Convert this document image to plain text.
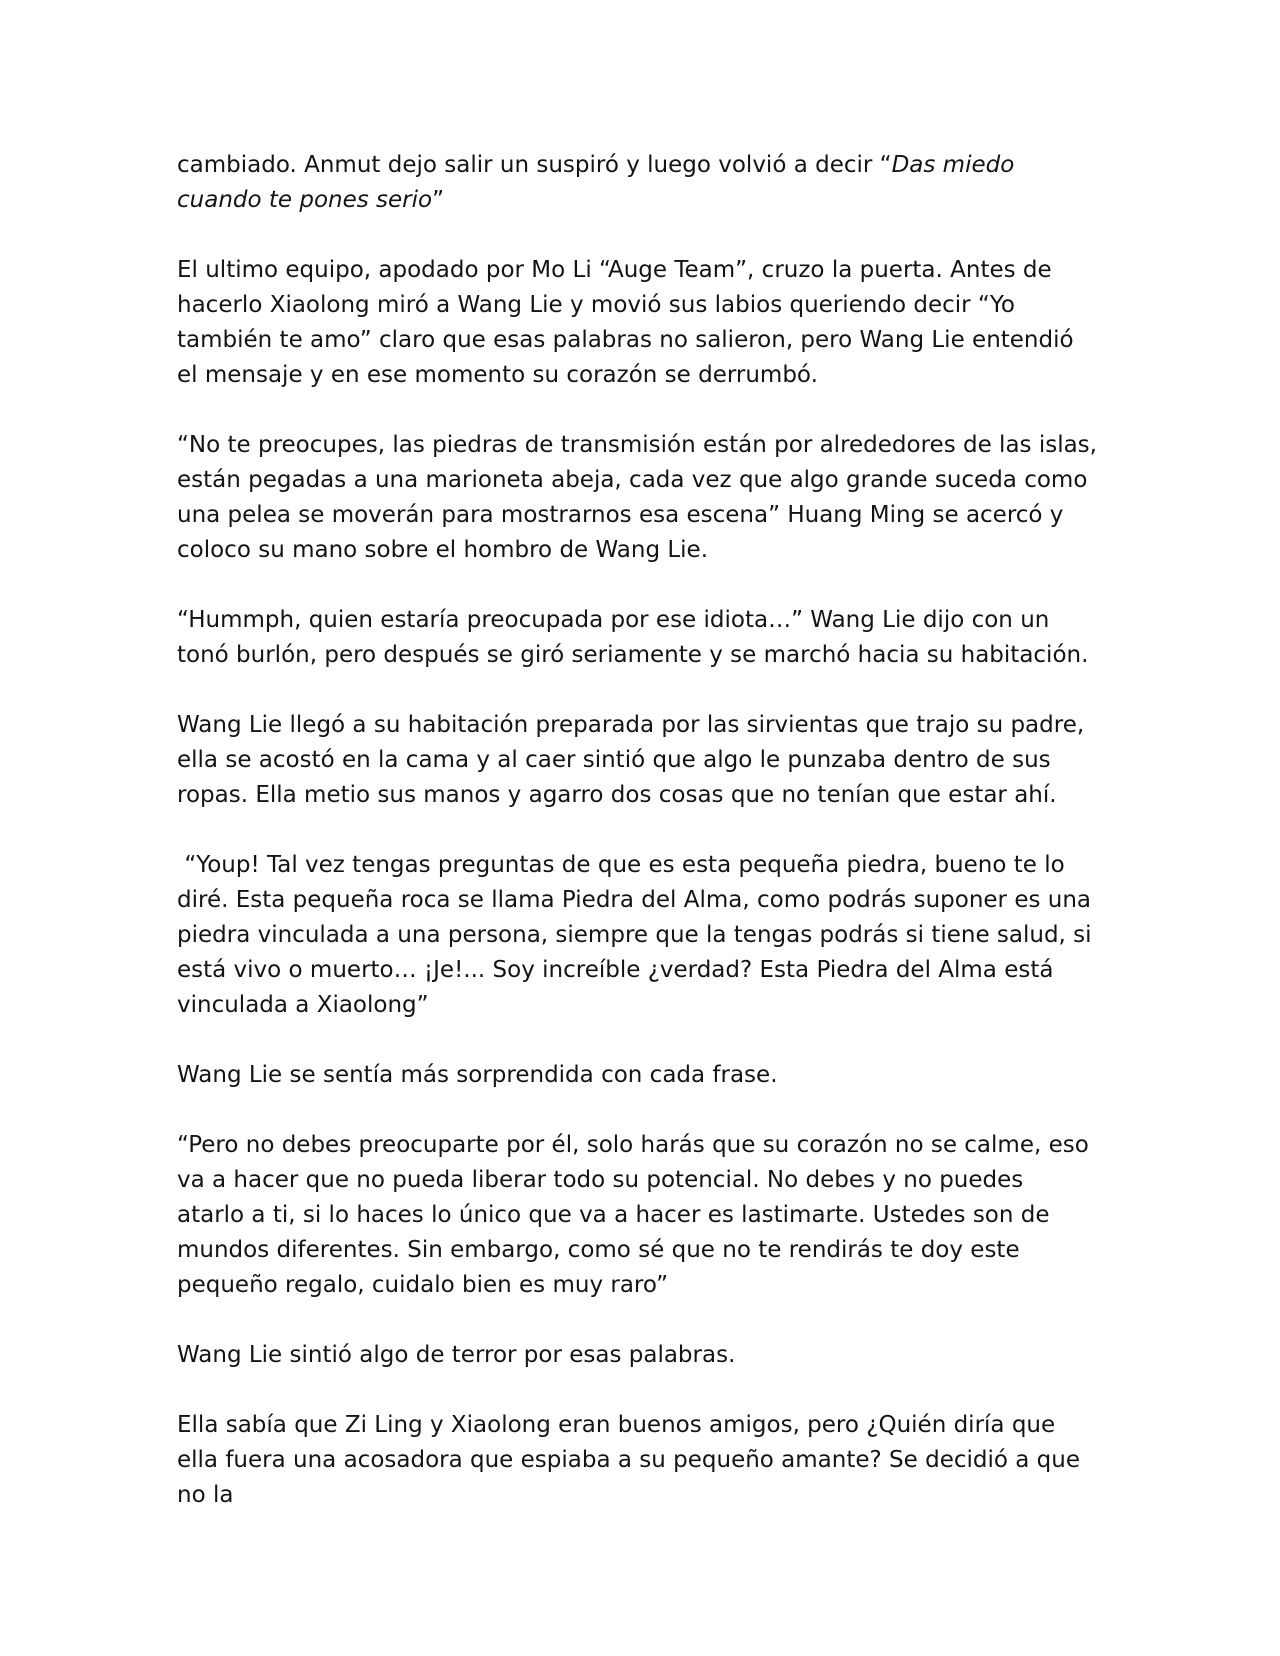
cambiado. Anmut dejo salir un suspiró y luego volvió a decir “Das miedo cuando te pones serio”

El ultimo equipo, apodado por Mo Li “Auge Team”, cruzo la puerta. Antes de hacerlo Xiaolong miró a Wang Lie y movió sus labios queriendo decir “Yo también te amo” claro que esas palabras no salieron, pero Wang Lie entendió el mensaje y en ese momento su corazón se derrumbó.

“No te preocupes, las piedras de transmisión están por alrededores de las islas, están pegadas a una marioneta abeja, cada vez que algo grande suceda como una pelea se moverán para mostrarnos esa escena” Huang Ming se acercó y coloco su mano sobre el hombro de Wang Lie.

“Hummph, quien estaría preocupada por ese idiota…” Wang Lie dijo con un tonó burlón, pero después se giró seriamente y se marchó hacia su habitación.

Wang Lie llegó a su habitación preparada por las sirvientas que trajo su padre, ella se acostó en la cama y al caer sintió que algo le punzaba dentro de sus ropas. Ella metio sus manos y agarro dos cosas que no tenían que estar ahí.

“Youp! Tal vez tengas preguntas de que es esta pequeña piedra, bueno te lo diré. Esta pequeña roca se llama Piedra del Alma, como podrás suponer es una piedra vinculada a una persona, siempre que la tengas podrás si tiene salud, si está vivo o muerto… ¡Je!... Soy increíble ¿verdad? Esta Piedra del Alma está vinculada a Xiaolong”

Wang Lie se sentía más sorprendida con cada frase.

“Pero no debes preocuparte por él, solo harás que su corazón no se calme, eso va a hacer que no pueda liberar todo su potencial. No debes y no puedes atarlo a ti, si lo haces lo único que va a hacer es lastimarte. Ustedes son de mundos diferentes. Sin embargo, como sé que no te rendirás te doy este pequeño regalo, cuidalo bien es muy raro”

Wang Lie sintió algo de terror por esas palabras.

Ella sabía que Zi Ling y Xiaolong eran buenos amigos, pero ¿Quién diría que ella fuera una acosadora que espiaba a su pequeño amante? Se decidió a que no la
